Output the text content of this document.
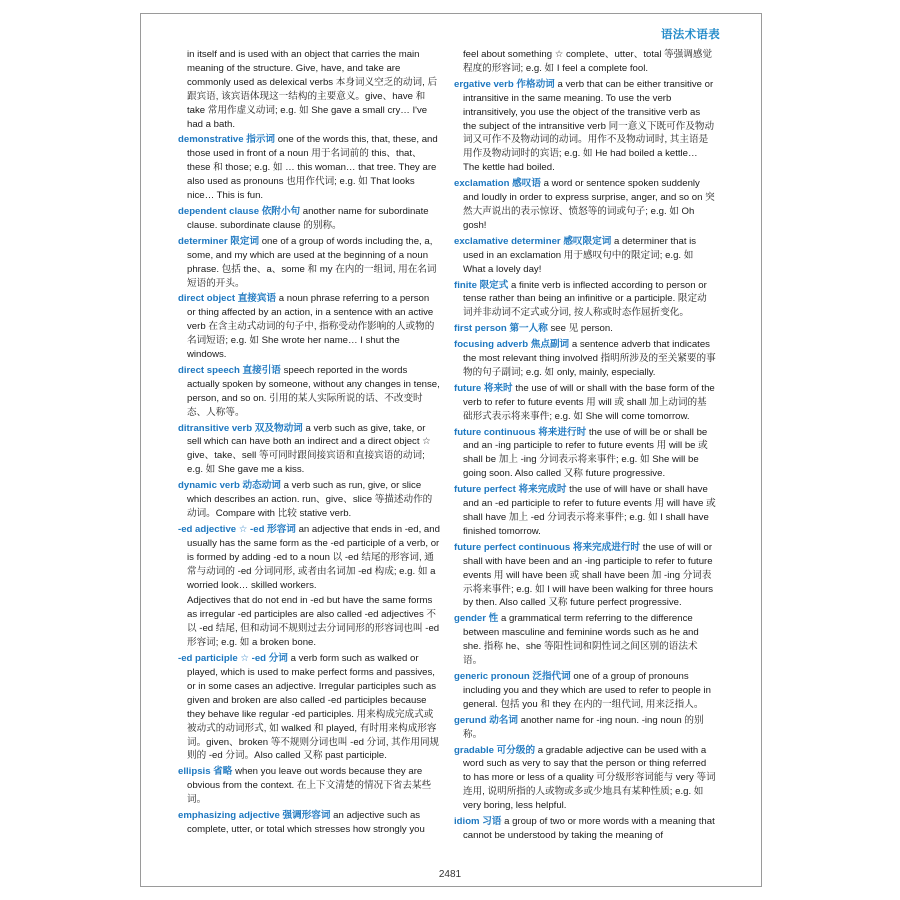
语法术语表
in itself and is used with an object that carries the main meaning of the structure. Give, have, and take are commonly used as delexical verbs 本身词义空乏的动词, 后跟宾语, 该宾语体现这一结构的主要意义。give、have 和 take 常用作虚义动词; e.g. 如 She gave a small cry… I've had a bath.
demonstrative 指示词 one of the words this, that, these, and those used in front of a noun 用于名词前的 this、that、these 和 those; e.g. 如 … this woman… that tree. They are also used as pronouns 也用作代词; e.g. 如 That looks nice… This is fun.
dependent clause 依附小句 another name for subordinate clause. subordinate clause 的别称。
determiner 限定词 one of a group of words including the, a, some, and my which are used at the beginning of a noun phrase. 包括 the、a、some 和 my 在内的一组词, 用在名词短语的开头。
direct object 直接宾语 a noun phrase referring to a person or thing affected by an action, in a sentence with an active verb 在含主动式动词的句子中, 指称受动作影响的人或物的名词短语; e.g. 如 She wrote her name… I shut the windows.
direct speech 直接引语 speech reported in the words actually spoken by someone, without any changes in tense, person, and so on. 引用的某人实际所说的话、不改变时态、人称等。
ditransitive verb 双及物动词 a verb such as give, take, or sell which can have both an indirect and a direct object ☆ give、take、sell 等可同时跟间接宾语和直接宾语的动词; e.g. 如 She gave me a kiss.
dynamic verb 动态动词 a verb such as run, give, or slice which describes an action. run、give、slice 等描述动作的动词。Compare with 比较 stative verb.
-ed adjective ☆ -ed 形容词 an adjective that ends in -ed, and usually has the same form as the -ed participle of a verb, or is formed by adding -ed to a noun 以 -ed 结尾的形容词, 通常与动词的 -ed 分词同形, 或者由名词加 -ed 构成; e.g. 如 a worried look… skilled workers.
Adjectives that do not end in -ed but have the same forms as irregular -ed participles are also called -ed adjectives 不以 -ed 结尾, 但和动词不规则过去分词同形的形容词也叫 -ed 形容词; e.g. 如 a broken bone.
-ed participle ☆ -ed 分词 a verb form such as walked or played, which is used to make perfect forms and passives, or in some cases an adjective. Irregular participles such as given and broken are also called -ed participles because they behave like regular -ed participles. 用来构成完成式或被动式的动词形式, 如 walked 和 played, 有时用来构成形容词。given、broken 等不规则分词也叫 -ed 分词, 其作用同规则的 -ed 分词。Also called 又称 past participle.
ellipsis 省略 when you leave out words because they are obvious from the context. 在上下文清楚的情况下省去某些词。
emphasizing adjective 强调形容词 an adjective such as complete, utter, or total which stresses how strongly you
feel about something ☆ complete、utter、total 等强调感觉程度的形容词; e.g. 如 I feel a complete fool.
ergative verb 作格动词 a verb that can be either transitive or intransitive in the same meaning. To use the verb intransitively, you use the object of the transitive verb as the subject of the intransitive verb 同一意义下既可作及物动词又可作不及物动词的动词。用作不及物动词时, 其主语是用作及物动词时的宾语; e.g. 如 He had boiled a kettle… The kettle had boiled.
exclamation 感叹语 a word or sentence spoken suddenly and loudly in order to express surprise, anger, and so on 突然大声说出的表示惊讶、愤怒等的词或句子; e.g. 如 Oh gosh!
exclamative determiner 感叹限定词 a determiner that is used in an exclamation 用于感叹句中的限定词; e.g. 如 What a lovely day!
finite 限定式 a finite verb is inflected according to person or tense rather than being an infinitive or a participle. 限定动词并非动词不定式或分词, 按人称或时态作屈折变化。
first person 第一人称 see 见 person.
focusing adverb 焦点副词 a sentence adverb that indicates the most relevant thing involved 指明所涉及的至关紧要的事物的句子副词; e.g. 如 only, mainly, especially.
future 将来时 the use of will or shall with the base form of the verb to refer to future events 用 will 或 shall 加上动词的基础形式表示将来事件; e.g. 如 She will come tomorrow.
future continuous 将来进行时 the use of will be or shall be and an -ing participle to refer to future events 用 will be 或 shall be 加上 -ing 分词表示将来事件; e.g. 如 She will be going soon. Also called 又称 future progressive.
future perfect 将来完成时 the use of will have or shall have and an -ed participle to refer to future events 用 will have 或 shall have 加上 -ed 分词表示将来事件; e.g. 如 I shall have finished tomorrow.
future perfect continuous 将来完成进行时 the use of will or shall with have been and an -ing participle to refer to future events 用 will have been 或 shall have been 加 -ing 分词表示将来事件; e.g. 如 I will have been walking for three hours by then. Also called 又称 future perfect progressive.
gender 性 a grammatical term referring to the difference between masculine and feminine words such as he and she. 指称 he、she 等阳性词和阴性词之间区别的语法术语。
generic pronoun 泛指代词 one of a group of pronouns including you and they which are used to refer to people in general. 包括 you 和 they 在内的一组代词, 用来泛指人。
gerund 动名词 another name for -ing noun. -ing noun 的别称。
gradable 可分级的 a gradable adjective can be used with a word such as very to say that the person or thing referred to has more or less of a quality 可分级形容词能与 very 等词连用, 说明所指的人或物或多或少地具有某种性质; e.g. 如 very boring, less helpful.
idiom 习语 a group of two or more words with a meaning that cannot be understood by taking the meaning of
2481
